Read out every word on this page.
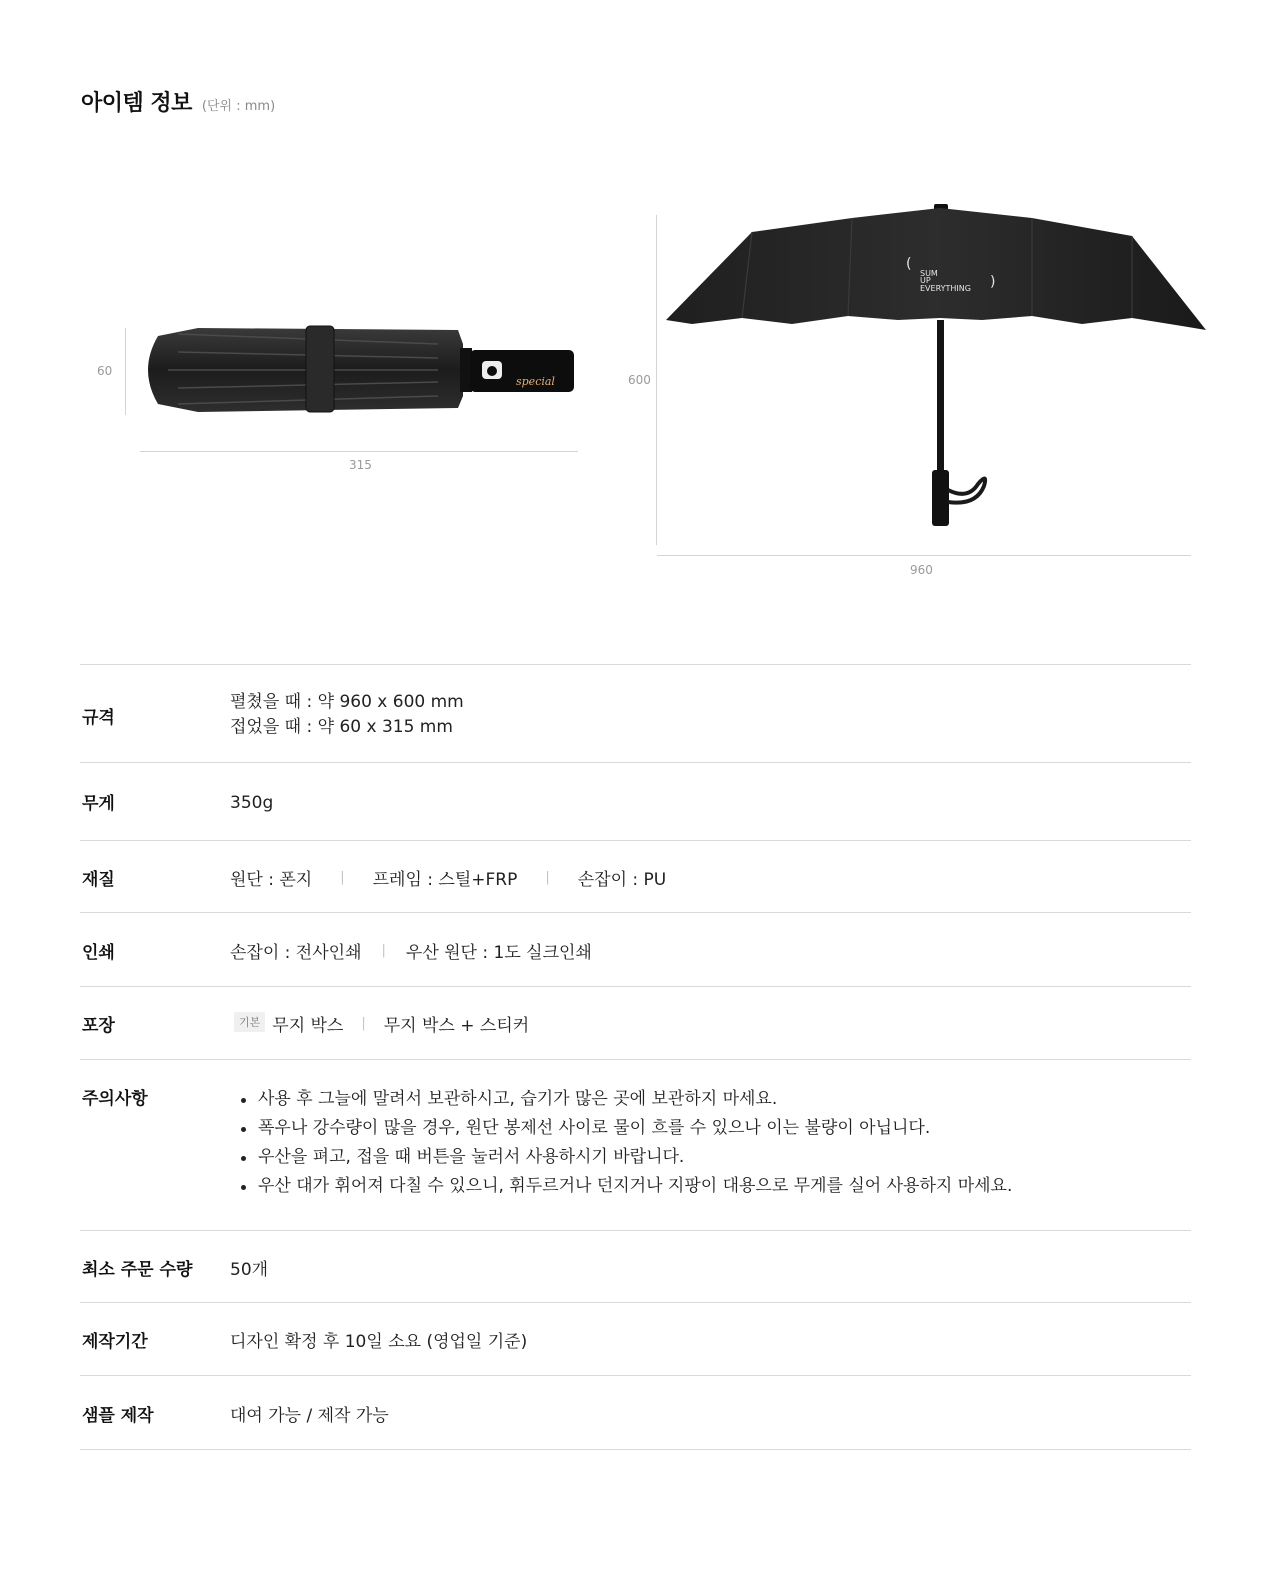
아이템 정보 (단위 : mm)
60
315
special	600
960
(
SUM
UP
EVERYTHING )
규격
펼쳤을 때 : 약 960 x 600 mm
접었을 때 : 약 60 x 315 mm
무게	350g
재질	원단 : 폰지 | 프레임 : 스틸+FRP | 손잡이 : PU
인쇄	손잡이 : 전사인쇄 | 우산 원단 : 1도 실크인쇄
포장	기본 무지 박스 | 무지 박스 + 스티커
주의사항	사용 후 그늘에 말려서 보관하시고, 습기가 많은 곳에 보관하지 마세요.
폭우나 강수량이 많을 경우, 원단 봉제선 사이로 물이 흐를 수 있으나 이는 불량이 아닙니다.
우산을 펴고, 접을 때 버튼을 눌러서 사용하시기 바랍니다.
우산 대가 휘어져 다칠 수 있으니, 휘두르거나 던지거나 지팡이 대용으로 무게를 실어 사용하지 마세요.
최소 주문 수량	50개
제작기간	디자인 확정 후 10일 소요 (영업일 기준)
샘플 제작	대여 가능 / 제작 가능
